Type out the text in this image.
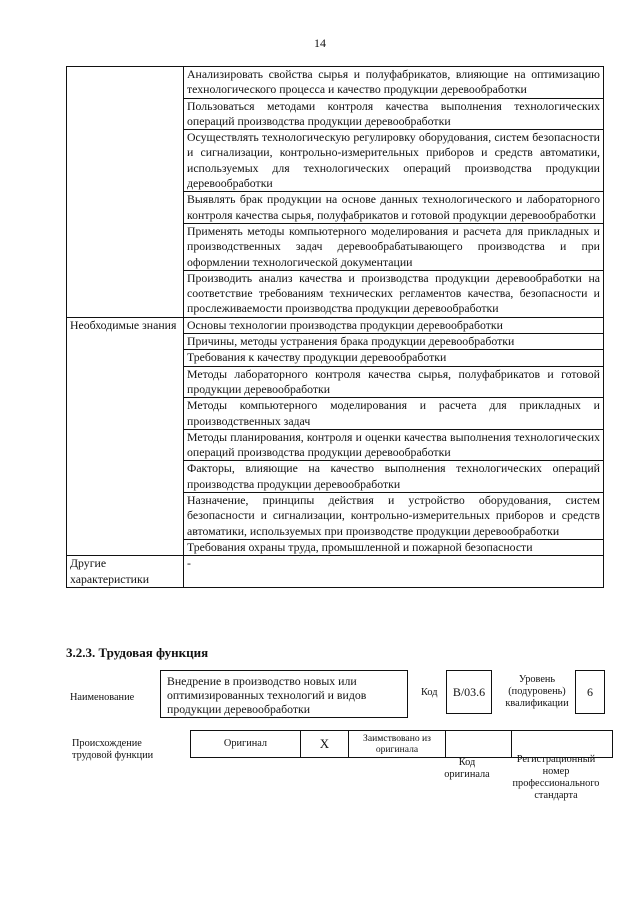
14
	Анализировать свойства сырья и полуфабрикатов, влияющие на оптимизацию технологического процесса и качество продукции деревообработки
	Пользоваться методами контроля качества выполнения технологических операций производства продукции деревообработки
	Осуществлять технологическую регулировку оборудования, систем безопасности и сигнализации, контрольно-измерительных приборов и средств автоматики, используемых для технологических операций производства продукции деревообработки
	Выявлять брак продукции на основе данных технологического и лабораторного контроля качества сырья, полуфабрикатов и готовой продукции деревообработки
	Применять методы компьютерного моделирования и расчета для прикладных и производственных задач деревообрабатывающего производства и при оформлении технологической документации
	Производить анализ качества и производства продукции деревообработки на соответствие требованиям технических регламентов качества, безопасности и прослеживаемости производства продукции деревообработки
Необходимые знания	Основы технологии производства продукции деревообработки
	Причины, методы устранения брака продукции деревообработки
	Требования к качеству продукции деревообработки
	Методы лабораторного контроля качества сырья, полуфабрикатов и готовой продукции деревообработки
	Методы компьютерного моделирования и расчета для прикладных и производственных задач
	Методы планирования, контроля и оценки качества выполнения технологических операций производства продукции деревообработки
	Факторы, влияющие на качество выполнения технологических операций производства продукции деревообработки
	Назначение, принципы действия и устройство оборудования, систем безопасности и сигнализации, контрольно-измерительных приборов и средств автоматики, используемых при производстве продукции деревообработки
	Требования охраны труда, промышленной и пожарной безопасности
Другие характеристики	-
3.2.3. Трудовая функция
Наименование
Внедрение в производство новых или оптимизированных технологий и видов продукции деревообработки
Код	В/03.6
Уровень (подуровень) квалификации
6
Происхождение трудовой функции
Оригинал	X	Заимствовано из оригинала		
Код оригинала
Регистрационный номер профессионального стандарта
